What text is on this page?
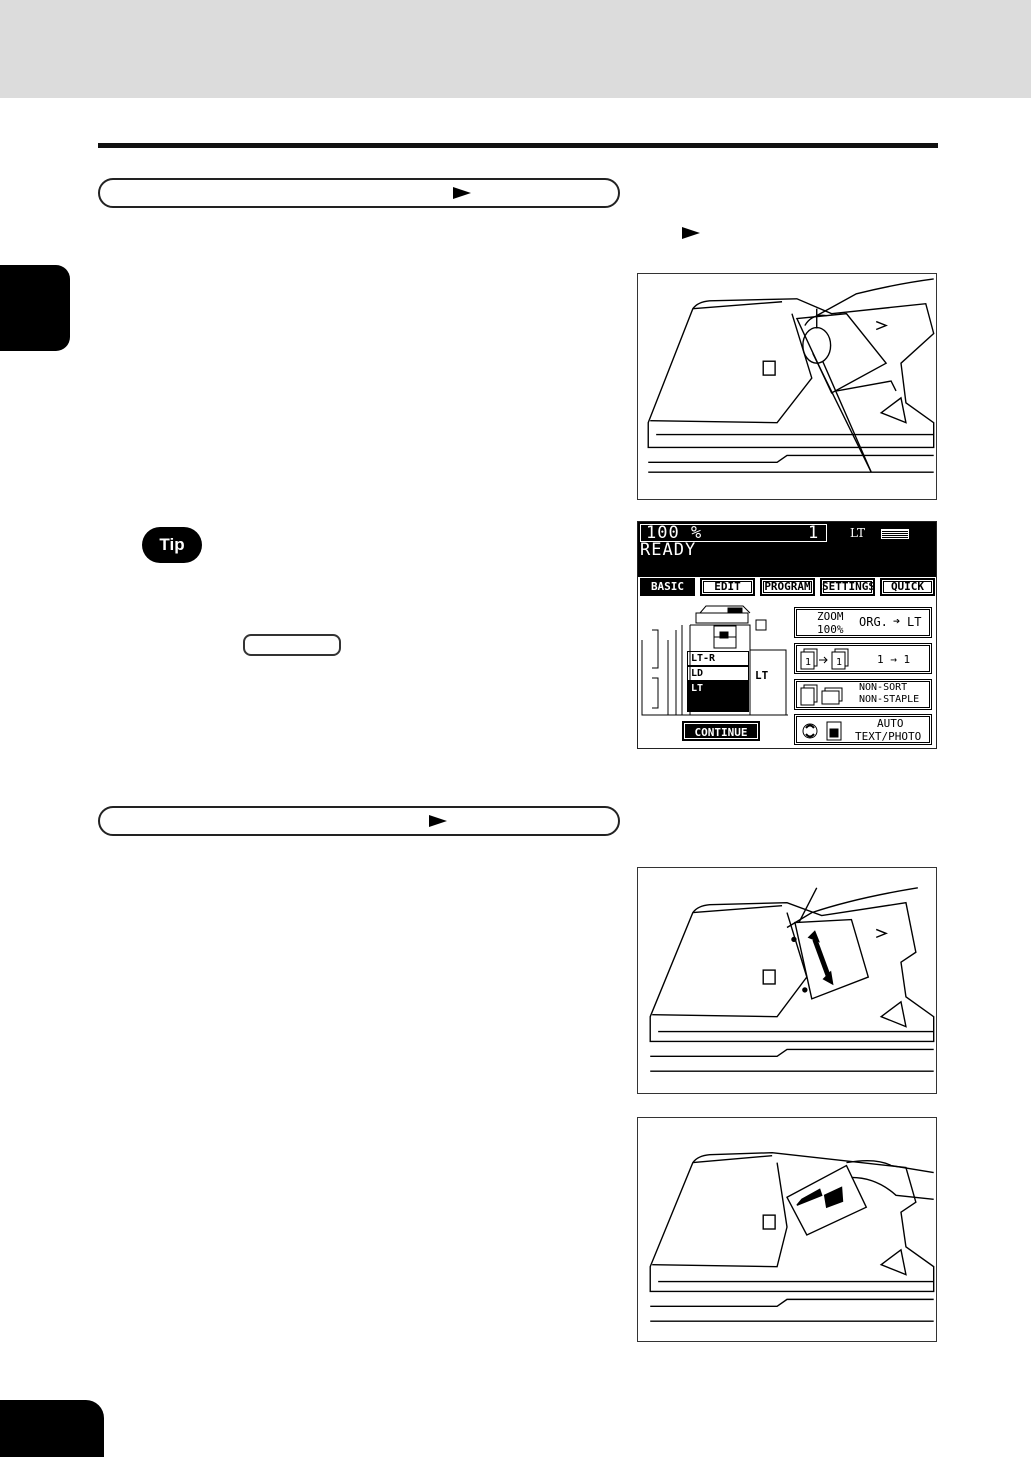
Tip
100 %	1	LT
READY
BASIC	EDIT	PROGRAM	SETTINGS	QUICK
LT-R
LD
LT
LT
ZOOM
100%
ORG. ➔ LT
1 1	1 → 1
NON-SORT
NON-STAPLE
AUTO
TEXT/PHOTO
CONTINUE
